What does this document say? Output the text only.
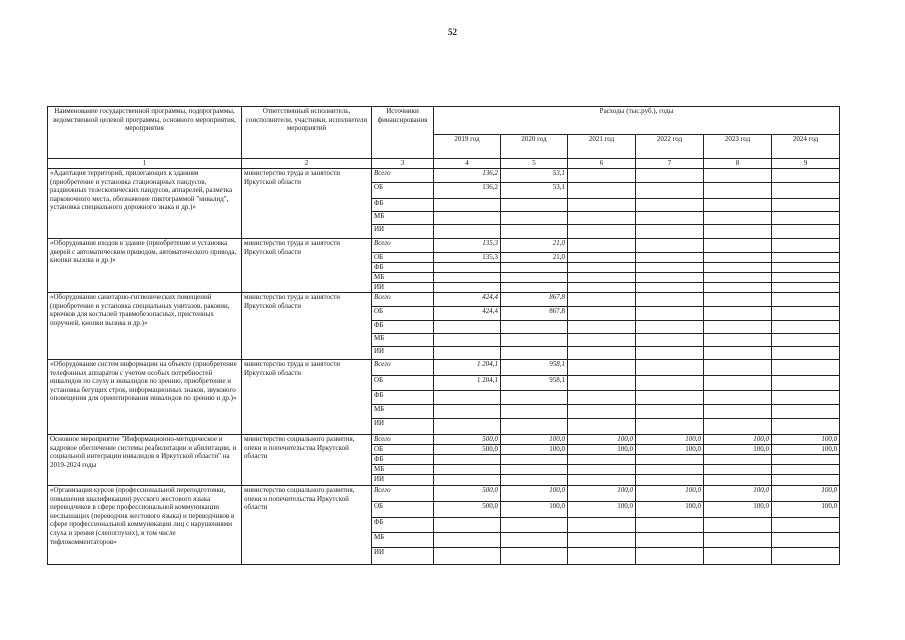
52
Наименование государственной программы, подпрограммы, ведомственной целевой программы, основного мероприятия, мероприятия	Ответственный исполнитель, соисполнители, участники, исполнители мероприятий	Источники финансирования	Расходы (тыс.руб.), годы					
			2019 год	2020 год	2021 год	2022 год	2023 год	2024 год
1	2	3	4	5	6	7	8	9
«Адаптация территорий, прилегающих к зданиям (приобретение и установка стационарных пандусов, раздвижных телескопических пандусов, аппарелей, разметка парковочного места, обозначение пиктограммой "инвалид", установка специального дорожного знака и др.)»	министерство труда и занятости Иркутской области	Всего	136,2	53,1				
		ОБ	136,2	53,1				
		ФБ						
		МБ						
		ИИ						
«Оборудование входов в здание (приобретение и установка дверей с автоматическим приводом, автоматического привода, кнопки вызова и др.)»	министерство труда и занятости Иркутской области	Всего	135,3	21,0				
		ОБ	135,3	21,0				
		ФБ						
		МБ						
		ИИ						
«Оборудование санитарно-гигиенических помещений (приобретение и установка специальных унитазов, раковин, крючков для костылей травмобезопасных, пристенных поручней, кнопки вызова и др.)»	министерство труда и занятости Иркутской области	Всего	424,4	867,8				
		ОБ	424,4	867,8				
		ФБ						
		МБ						
		ИИ						
«Оборудование систем информации на объекте (приобретение телефонных аппаратов с учетом особых потребностей инвалидов по слуху и инвалидов по зрению, приобретение и установка бегущих строк, информационных знаков, звукового оповещения для ориентирования инвалидов по зрению и др.)»	министерство труда и занятости Иркутской области	Всего	1 204,1	958,1				
		ОБ	1 204,1	958,1				
		ФБ						
		МБ						
		ИИ						
Основное мероприятие "Информационно-методическое и кадровое обеспечение системы реабилитации и абилитации, и социальной интеграции инвалидов в Иркутской области" на 2019-2024 годы	министерство социального развития, опеки и попечительства Иркутской области	Всего	500,0	100,0	100,0	100,0	100,0	100,0
		ОБ	500,0	100,0	100,0	100,0	100,0	100,0
		ФБ						
		МБ						
		ИИ						
«Организация курсов (профессиональной переподготовки, повышения квалификации) русского жестового языка переводчиков в сфере профессиональной коммуникации неслышащих (переводчик жестового языка) и переводчиков в сфере профессиональной коммуникации лиц с нарушениями слуха и зрения (слепоглухих), в том числе тифлокомментаторов»	министерство социального развития, опеки и попечительства Иркутской области	Всего	500,0	100,0	100,0	100,0	100,0	100,0
		ОБ	500,0	100,0	100,0	100,0	100,0	100,0
		ФБ						
		МБ						
		ИИ						
